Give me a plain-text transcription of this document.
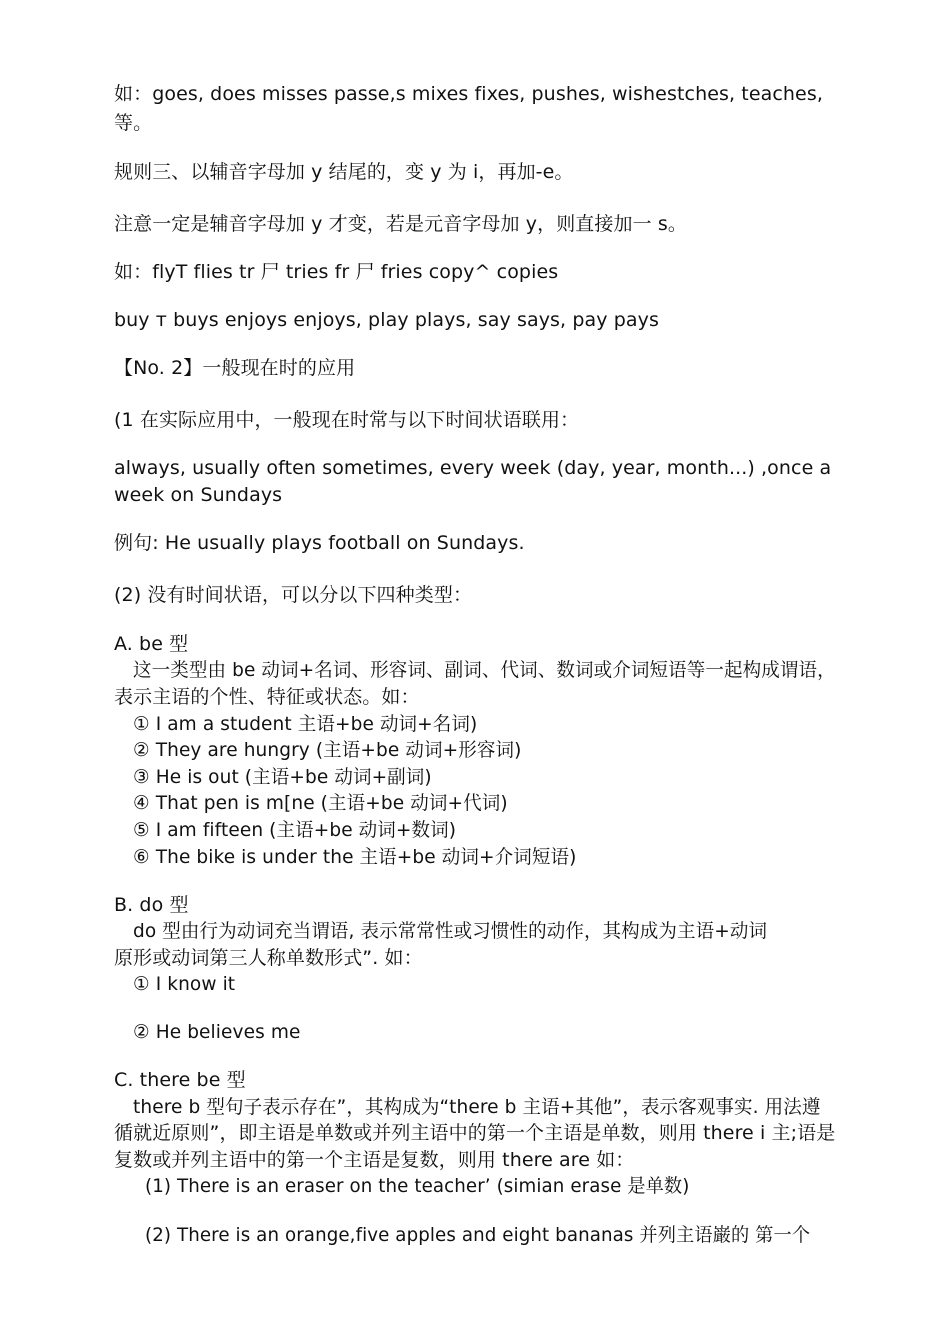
如：goes, does misses passe,s mixes fixes, pushes, wishestches, teaches,
等。
规则三、以辅音字母加 y 结尾的，变 y 为 i，再加-e。
注意一定是辅音字母加 y 才变，若是元音字母加 y，则直接加一 s。
如：flyT flies tr 尸 tries fr 尸 fries copy^ copies
buy т buys enjoys enjoys, play plays, say says, pay pays
【No. 2】一般现在时的应用
(1 在实际应用中，一般现在时常与以下时间状语联用：
always, usually often sometimes, every week (day, year, month...) ,once a
week on Sundays
例句: He usually plays football on Sundays.
(2) 没有时间状语，可以分以下四种类型：
A. be 型
这一类型由 be 动词+名词、形容词、副词、代词、数词或介词短语等一起构成谓语，
表示主语的个性、特征或状态。如：
① I am a student 主语+be 动词+名词)
② They are hungry (主语+be 动词+形容词)
③ He is out (主语+be 动词+副词)
④ That pen is m[ne (主语+be 动词+代词)
⑤ I am fifteen (主语+be 动词+数词)
⑥ The bike is under the 主语+be 动词+介词短语)
B. do 型
do 型由行为动词充当谓语, 表示常常性或习惯性的动作，其构成为主语+动词
原形或动词第三人称单数形式”. 如：
① I know it
② He believes me
C. there be 型
there b 型句子表示存在”，其构成为“there b 主语+其他”，表示客观事实. 用法遵
循就近原则”，即主语是单数或并列主语中的第一个主语是单数，则用 there i 主;语是
复数或并列主语中的第一个主语是复数，则用 there are 如：
(1) There is an eraser on the teacher’ (simian erase 是单数)
(2) There is an orange,five apples and eight bananas 并列主语巌的 第一个
